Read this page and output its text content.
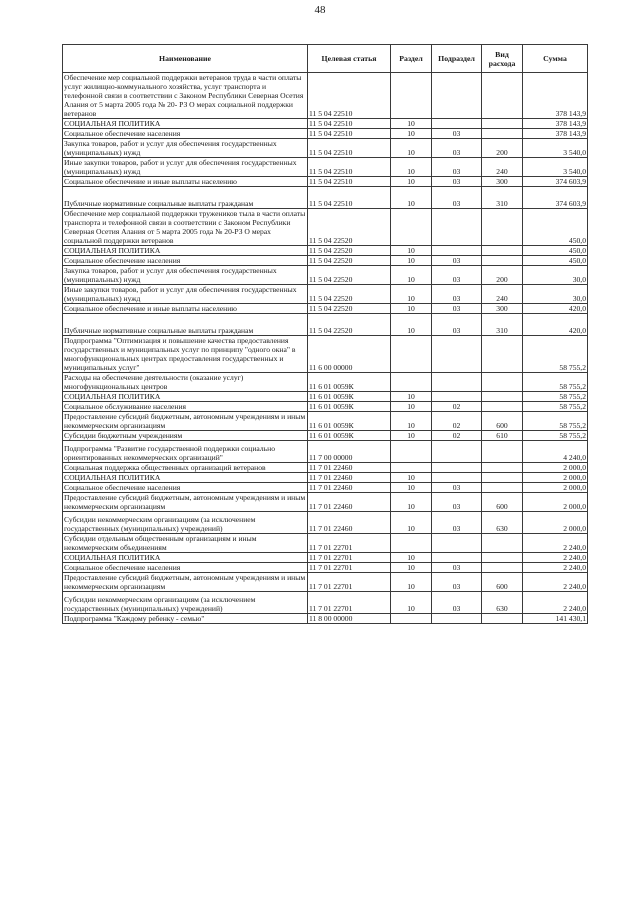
48
Наименование	Целевая статья	Раздел	Подраздел	Вид расхода	Сумма
Обеспечение мер социальной поддержки ветеранов труда в части оплаты услуг жилищно-коммунального хозяйства, услуг транспорта и телефонной связи в соответствии с Законом Республики Северная Осетия Алания от 5 марта 2005 года № 20- РЗ О мерах социальной поддержки ветеранов	11 5 04 22510				378 143,9
СОЦИАЛЬНАЯ ПОЛИТИКА	11 5 04 22510	10			378 143,9
Социальное обеспечение населения	11 5 04 22510	10	03		378 143,9
Закупка товаров, работ и услуг для обеспечения государственных (муниципальных) нужд	11 5 04 22510	10	03	200	3 540,0
Иные закупки товаров, работ и услуг для обеспечения государственных (муниципальных) нужд	11 5 04 22510	10	03	240	3 540,0
Социальное обеспечение и иные выплаты населению	11 5 04 22510	10	03	300	374 603,9
Публичные нормативные социальные выплаты гражданам	11 5 04 22510	10	03	310	374 603,9
Обеспечение мер социальной поддержки тружеников тыла в части оплаты транспорта и телефонной связи в соответствии с Законом Республики Северная Осетия Алания от 5 марта 2005 года № 20-РЗ О мерах социальной поддержки ветеранов	11 5 04 22520				450,0
СОЦИАЛЬНАЯ ПОЛИТИКА	11 5 04 22520	10			450,0
Социальное обеспечение населения	11 5 04 22520	10	03		450,0
Закупка товаров, работ и услуг для обеспечения государственных (муниципальных) нужд	11 5 04 22520	10	03	200	30,0
Иные закупки товаров, работ и услуг для обеспечения государственных (муниципальных) нужд	11 5 04 22520	10	03	240	30,0
Социальное обеспечение и иные выплаты населению	11 5 04 22520	10	03	300	420,0
Публичные нормативные социальные выплаты гражданам	11 5 04 22520	10	03	310	420,0
Подпрограмма "Оптимизация и повышение качества предоставления государственных и муниципальных услуг по принципу "одного окна" в многофункциональных центрах предоставления государственных и муниципальных услуг"	11 6 00 00000				58 755,2
Расходы на обеспечение деятельности (оказание услуг) многофункциональных центров	11 6 01 0059К				58 755,2
СОЦИАЛЬНАЯ ПОЛИТИКА	11 6 01 0059К	10			58 755,2
Социальное обслуживание населения	11 6 01 0059К	10	02		58 755,2
Предоставление субсидий бюджетным, автономным учреждениям и иным некоммерческим организациям	11 6 01 0059К	10	02	600	58 755,2
Субсидии бюджетным учреждениям	11 6 01 0059К	10	02	610	58 755,2
Подпрограмма "Развитие государственной поддержки социально ориентированных некоммерческих организаций"	11 7 00 00000				4 240,0
Социальная поддержка общественных организаций ветеранов	11 7 01 22460				2 000,0
СОЦИАЛЬНАЯ ПОЛИТИКА	11 7 01 22460	10			2 000,0
Социальное обеспечение населения	11 7 01 22460	10	03		2 000,0
Предоставление субсидий бюджетным, автономным учреждениям и иным некоммерческим организациям	11 7 01 22460	10	03	600	2 000,0
Субсидии некоммерческим организациям (за исключением государственных (муниципальных) учреждений)	11 7 01 22460	10	03	630	2 000,0
Субсидии отдельным общественным организациям и иным некоммерческим объединениям	11 7 01 22701				2 240,0
СОЦИАЛЬНАЯ ПОЛИТИКА	11 7 01 22701	10			2 240,0
Социальное обеспечение населения	11 7 01 22701	10	03		2 240,0
Предоставление субсидий бюджетным, автономным учреждениям и иным некоммерческим организациям	11 7 01 22701	10	03	600	2 240,0
Субсидии некоммерческим организациям (за исключением государственных (муниципальных) учреждений)	11 7 01 22701	10	03	630	2 240,0
Подпрограмма "Каждому ребенку - семью"	11 8 00 00000				141 430,1
